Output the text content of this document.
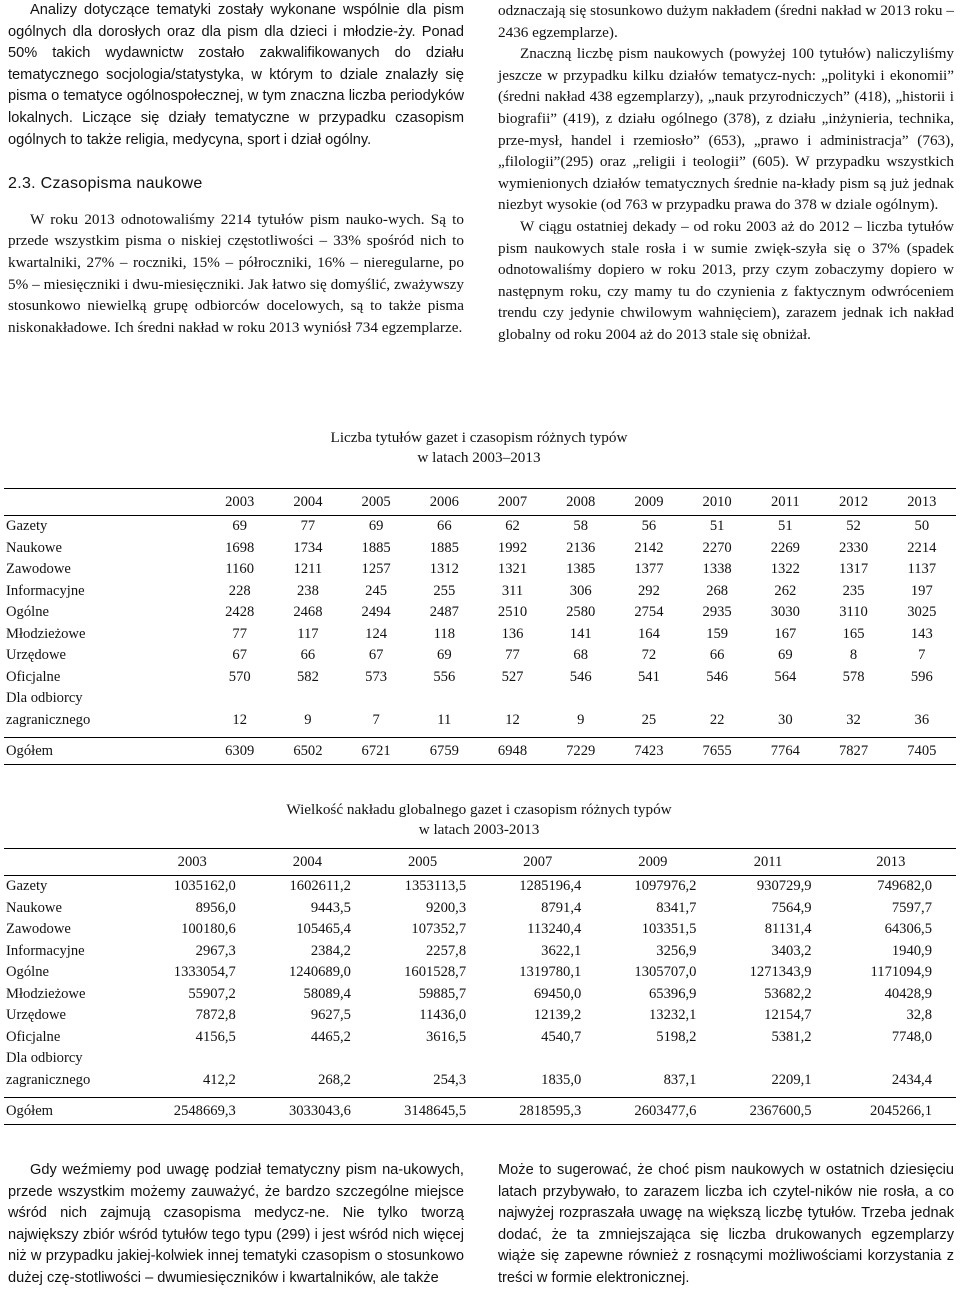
Analizy dotyczące tematyki zostały wykonane wspólnie dla pism ogólnych dla dorosłych oraz dla pism dla dzieci i młodzie-ży. Ponad 50% takich wydawnictw zostało zakwalifikowanych do działu tematycznego socjologia/statystyka, w którym to dziale znalazły się pisma o tematyce ogólnospołecznej, w tym znaczna liczba periodyków lokalnych. Liczące się działy tematyczne w przypadku czasopism ogólnych to także religia, medycyna, sport i dział ogólny.

2.3. Czasopisma naukowe

W roku 2013 odnotowaliśmy 2214 tytułów pism nauko-wych. Są to przede wszystkim pisma o niskiej częstotliwości – 33% spośród nich to kwartalniki, 27% – roczniki, 15% – półroczniki, 16% – nieregularne, po 5% – miesięczniki i dwu-miesięczniki. Jak łatwo się domyślić, zważywszy stosunkowo niewielką grupę odbiorców docelowych, są to także pisma niskonakładowe. Ich średni nakład w roku 2013 wyniósł 734 egzemplarze.

odznaczają się stosunkowo dużym nakładem (średni nakład w 2013 roku – 2436 egzemplarze).

Znaczną liczbę pism naukowych (powyżej 100 tytułów) naliczyliśmy jeszcze w przypadku kilku działów tematycz-nych: „polityki i ekonomii” (średni nakład 438 egzemplarzy), „nauk przyrodniczych” (418), „historii i biografii” (419), z działu ogólnego (378), z działu „inżynieria, technika, prze-mysł, handel i rzemiosło” (653), „prawo i administracja” (763), „filologii”(295) oraz „religii i teologii” (605). W przypadku wszystkich wymienionych działów tematycznych średnie na-kłady pism są już jednak niezbyt wysokie (od 763 w przypadku prawa do 378 w dziale ogólnym).

W ciągu ostatniej dekady – od roku 2003 aż do 2012 – liczba tytułów pism naukowych stale rosła i w sumie zwięk-szyła się o 37% (spadek odnotowaliśmy dopiero w roku 2013, przy czym zobaczymy dopiero w następnym roku, czy mamy tu do czynienia z faktycznym odwróceniem trendu czy jedynie chwilowym wahnięciem), zarazem jednak ich nakład globalny od roku 2004 aż do 2013 stale się obniżał.

Liczba tytułów gazet i czasopism różnych typów
w latach 2003–2013
	2003	2004	2005	2006	2007	2008	2009	2010	2011	2012	2013
Gazety	69	77	69	66	62	58	56	51	51	52	50
Naukowe	1698	1734	1885	1885	1992	2136	2142	2270	2269	2330	2214
Zawodowe	1160	1211	1257	1312	1321	1385	1377	1338	1322	1317	1137
Informacyjne	228	238	245	255	311	306	292	268	262	235	197
Ogólne	2428	2468	2494	2487	2510	2580	2754	2935	3030	3110	3025
Młodzieżowe	77	117	124	118	136	141	164	159	167	165	143
Urzędowe	67	66	67	69	77	68	72	66	69	8	7
Oficjalne	570	582	573	556	527	546	541	546	564	578	596
Dla odbiorcy											
zagranicznego	12	9	7	11	12	9	25	22	30	32	36

Ogółem	6309	6502	6721	6759	6948	7229	7423	7655	7764	7827	7405
Wielkość nakładu globalnego gazet i czasopism różnych typów
w latach 2003-2013
	2003	2004	2005	2007	2009	2011	2013
Gazety	1035162,0	1602611,2	1353113,5	1285196,4	1097976,2	930729,9	749682,0
Naukowe	8956,0	9443,5	9200,3	8791,4	8341,7	7564,9	7597,7
Zawodowe	100180,6	105465,4	107352,7	113240,4	103351,5	81131,4	64306,5
Informacyjne	2967,3	2384,2	2257,8	3622,1	3256,9	3403,2	1940,9
Ogólne	1333054,7	1240689,0	1601528,7	1319780,1	1305707,0	1271343,9	1171094,9
Młodzieżowe	55907,2	58089,4	59885,7	69450,0	65396,9	53682,2	40428,9
Urzędowe	7872,8	9627,5	11436,0	12139,2	13232,1	12154,7	32,8
Oficjalne	4156,5	4465,2	3616,5	4540,7	5198,2	5381,2	7748,0
Dla odbiorcy							
zagranicznego	412,2	268,2	254,3	1835,0	837,1	2209,1	2434,4

Ogółem	2548669,3	3033043,6	3148645,5	2818595,3	2603477,6	2367600,5	2045266,1

Gdy weźmiemy pod uwagę podział tematyczny pism na-ukowych, przede wszystkim możemy zauważyć, że bardzo szczególne miejsce wśród nich zajmują czasopisma medycz-ne. Nie tylko tworzą największy zbiór wśród tytułów tego typu (299) i jest wśród nich więcej niż w przypadku jakiej-kolwiek innej tematyki czasopism o stosunkowo dużej czę-stotliwości – dwumiesięczników i kwartalników, ale także

Może to sugerować, że choć pism naukowych w ostatnich dziesięciu latach przybywało, to zarazem liczba ich czytel-ników nie rosła, a co najwyżej rozpraszała uwagę na większą liczbę tytułów. Trzeba jednak dodać, że ta zmniejszająca się liczba drukowanych egzemplarzy wiąże się zapewne również z rosnącymi możliwościami korzystania z treści w formie elektronicznej.
